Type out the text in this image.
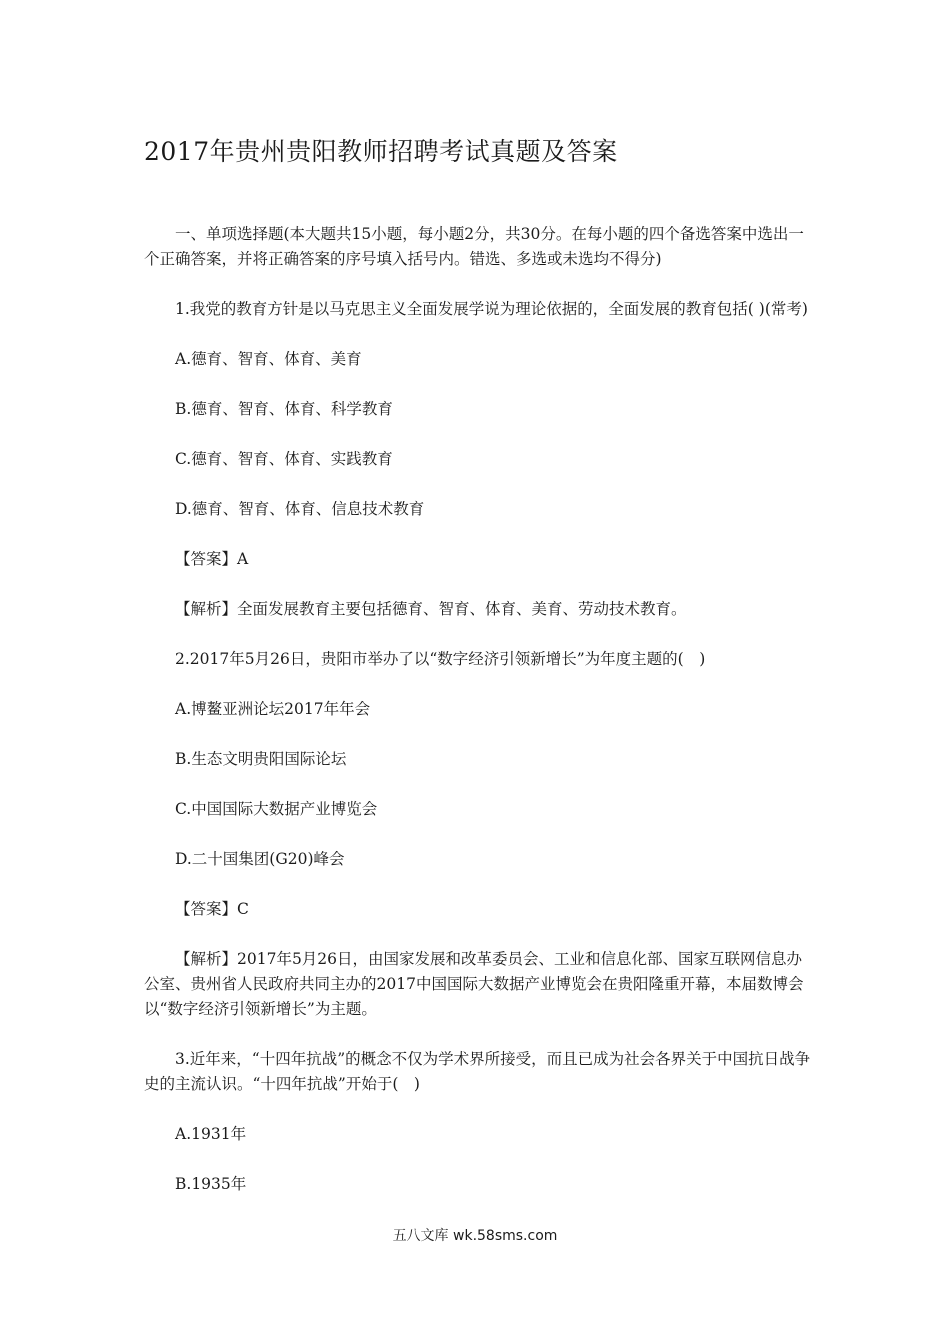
2017年贵州贵阳教师招聘考试真题及答案

一、单项选择题(本大题共15小题，每小题2分，共30分。在每小题的四个备选答案中选出一个正确答案，并将正确答案的序号填入括号内。错选、多选或未选均不得分)

1.我党的教育方针是以马克思主义全面发展学说为理论依据的，全面发展的教育包括( )(常考)

A.德育、智育、体育、美育

B.德育、智育、体育、科学教育

C.德育、智育、体育、实践教育

D.德育、智育、体育、信息技术教育

【答案】A

【解析】全面发展教育主要包括德育、智育、体育、美育、劳动技术教育。

2.2017年5月26日，贵阳市举办了以“数字经济引领新增长”为年度主题的(　)

A.博鳌亚洲论坛2017年年会

B.生态文明贵阳国际论坛

C.中国国际大数据产业博览会

D.二十国集团(G20)峰会

【答案】C

【解析】2017年5月26日，由国家发展和改革委员会、工业和信息化部、国家互联网信息办公室、贵州省人民政府共同主办的2017中国国际大数据产业博览会在贵阳隆重开幕，本届数博会以“数字经济引领新增长”为主题。

3.近年来，“十四年抗战”的概念不仅为学术界所接受，而且已成为社会各界关于中国抗日战争史的主流认识。“十四年抗战”开始于(　)

A.1931年

B.1935年

五八文库 wk.58sms.com
